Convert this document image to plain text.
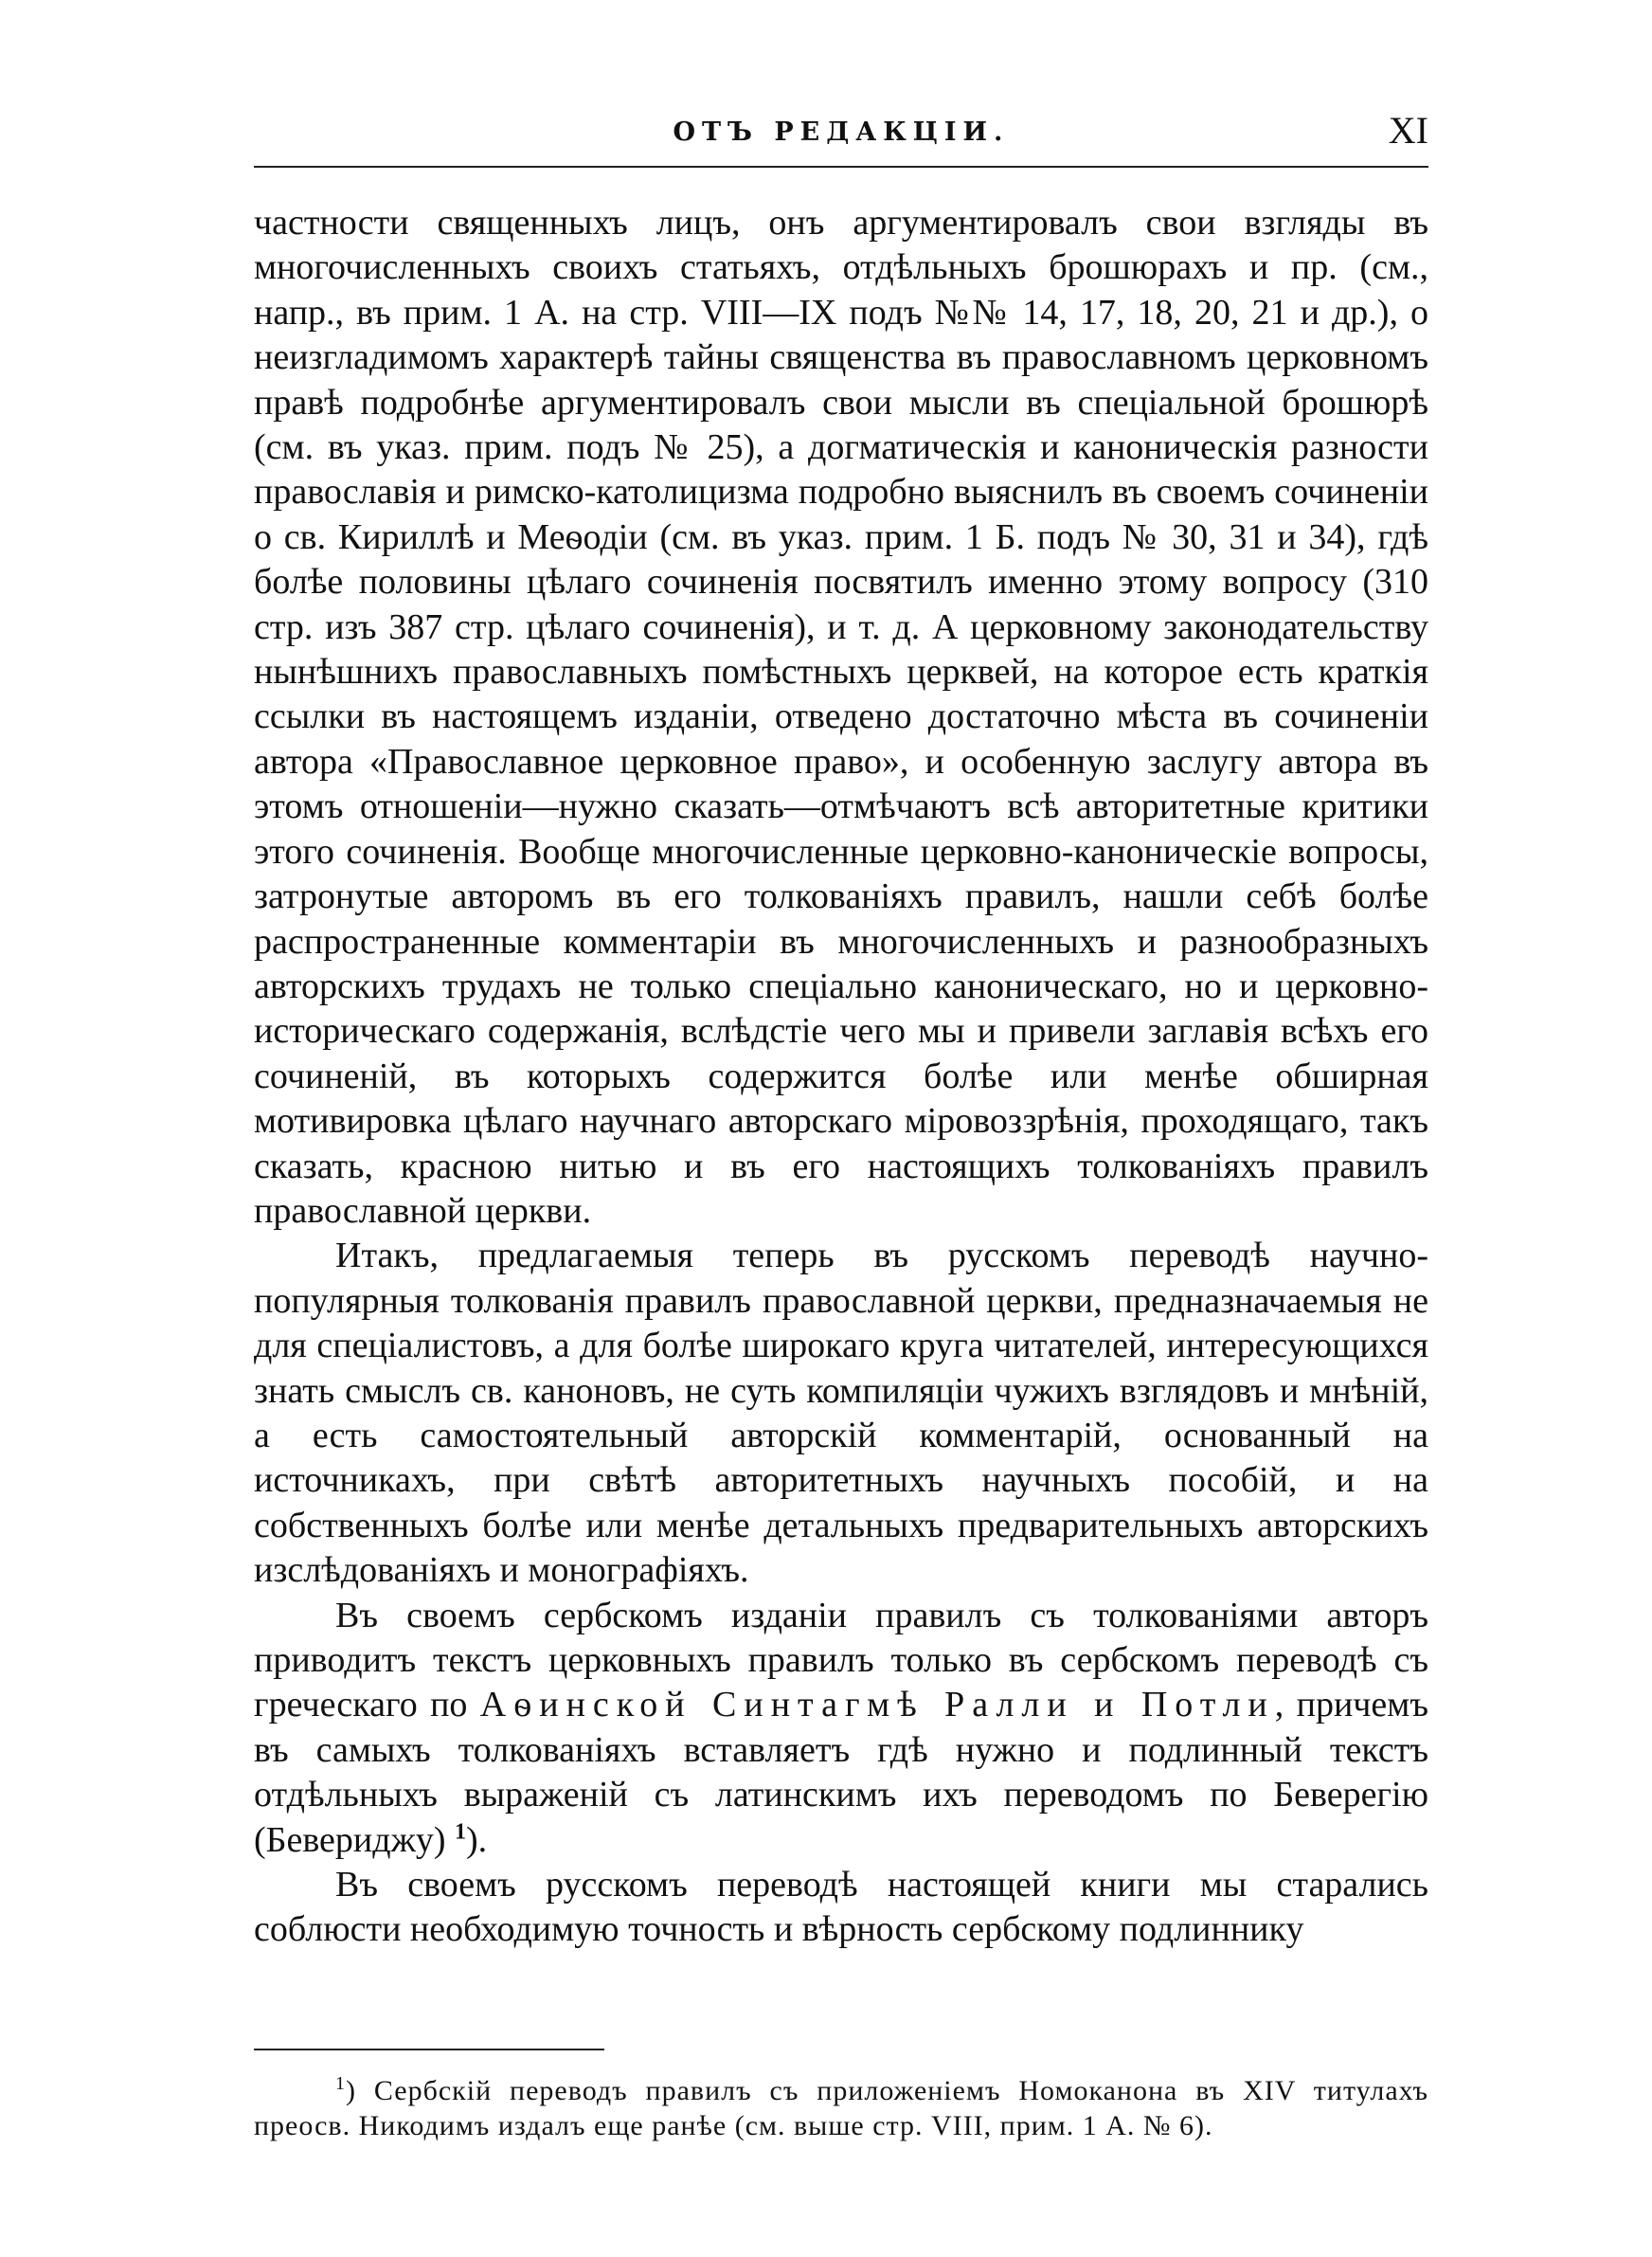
ОТЪ РЕДАКЦІИ.	XI

частности священныхъ лицъ, онъ аргументировалъ свои взгляды въ многочисленныхъ своихъ статьяхъ, отдѣльныхъ брошюрахъ и пр. (см., напр., въ прим. 1 А. на стр. VIII—IX подъ №№ 14, 17, 18, 20, 21 и др.), о неизгладимомъ характерѣ тайны священства въ православномъ церковномъ правѣ подробнѣе аргументировалъ свои мысли въ спеціальной брошюрѣ (см. въ указ. прим. подъ № 25), а догматическія и каноническія разности православія и римско-католицизма подробно выяснилъ въ своемъ сочиненіи о св. Кириллѣ и Меѳодіи (см. въ указ. прим. 1 Б. подъ № 30, 31 и 34), гдѣ болѣе половины цѣлаго сочиненія посвятилъ именно этому вопросу (310 стр. изъ 387 стр. цѣлаго сочиненія), и т. д. А церковному законодательству нынѣшнихъ православныхъ помѣстныхъ церквей, на которое есть краткія ссылки въ настоящемъ изданіи, отведено достаточно мѣста въ сочиненіи автора «Православное церковное право», и особенную заслугу автора въ этомъ отношеніи—нужно сказать—отмѣчаютъ всѣ авторитетные критики этого сочиненія. Вообще многочисленные церковно-каноническіе вопросы, затронутые авторомъ въ его толкованіяхъ правилъ, нашли себѣ болѣе распространенные комментаріи въ многочисленныхъ и разнообразныхъ авторскихъ трудахъ не только спеціально каноническаго, но и церковно-историческаго содержанія, вслѣдстіе чего мы и привели заглавія всѣхъ его сочиненій, въ которыхъ содержится болѣе или менѣе обширная мотивировка цѣлаго научнаго авторскаго міровоззрѣнія, проходящаго, такъ сказать, красною нитью и въ его настоящихъ толкованіяхъ правилъ православной церкви.

Итакъ, предлагаемыя теперь въ русскомъ переводѣ научно-популярныя толкованія правилъ православной церкви, предназначаемыя не для спеціалистовъ, а для болѣе широкаго круга читателей, интересующихся знать смыслъ св. каноновъ, не суть компиляціи чужихъ взглядовъ и мнѣній, а есть самостоятельный авторскій комментарій, основанный на источникахъ, при свѣтѣ авторитетныхъ научныхъ пособій, и на собственныхъ болѣе или менѣе детальныхъ предварительныхъ авторскихъ изслѣдованіяхъ и монографіяхъ.

Въ своемъ сербскомъ изданіи правилъ съ толкованіями авторъ приводитъ текстъ церковныхъ правилъ только въ сербскомъ переводѣ съ греческаго по Аѳинской Синтагмѣ Ралли и Потли, причемъ въ самыхъ толкованіяхъ вставляетъ гдѣ нужно и подлинный текстъ отдѣльныхъ выраженій съ латинскимъ ихъ переводомъ по Беверегію (Бевериджу) $^1$).

Въ своемъ русскомъ переводѣ настоящей книги мы старались соблюсти необходимую точность и вѣрность сербскому подлиннику

$^1$) Сербскій переводъ правилъ съ приложеніемъ Номоканона въ XIV титулахъ преосв. Никодимъ издалъ еще ранѣе (см. выше стр. VIII, прим. 1 А. № 6).
